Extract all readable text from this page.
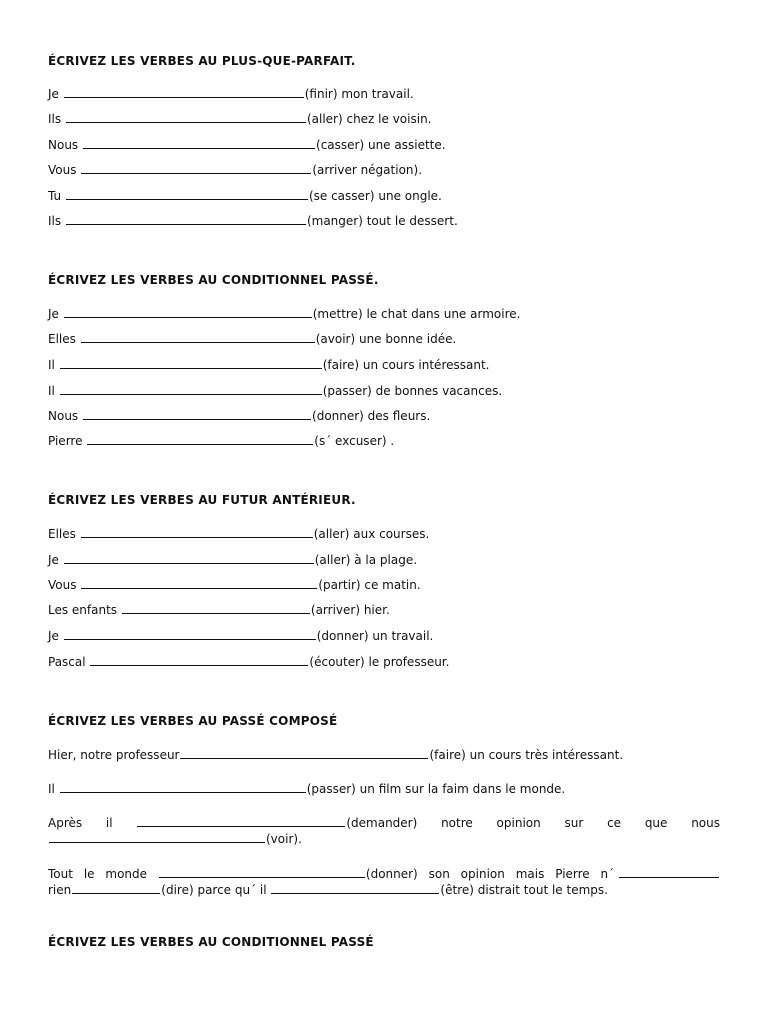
ÉCRIVEZ LES VERBES AU PLUS-QUE-PARFAIT.
Je	(finir) mon travail.
Ils	(aller) chez le voisin.
Nous	(casser) une assiette.
Vous	(arriver négation).
Tu	(se casser) une ongle.
Ils	(manger) tout le dessert.
ÉCRIVEZ LES VERBES AU CONDITIONNEL PASSÉ.
Je	(mettre) le chat dans une armoire.
Elles	(avoir) une bonne idée.
Il	(faire) un cours intéressant.
Il	(passer) de bonnes vacances.
Nous	(donner) des fleurs.
Pierre	(s´ excuser) .
ÉCRIVEZ LES VERBES AU FUTUR ANTÉRIEUR.
Elles	(aller) aux courses.
Je	(aller) à la plage.
Vous	(partir) ce matin.
Les enfants	(arriver) hier.
Je	(donner) un travail.
Pascal	(écouter) le professeur.
ÉCRIVEZ LES VERBES AU PASSÉ COMPOSÉ
Hier, notre professeur	(faire) un cours très intéressant.
Il	(passer) un film sur la faim dans le monde.
Après il	(demander) notre opinion sur ce que nous
(voir).
Tout le monde	(donner) son opinion mais Pierre n´
rien	(dire) parce qu´ il	(être) distrait tout le temps.
ÉCRIVEZ LES VERBES AU CONDITIONNEL PASSÉ
